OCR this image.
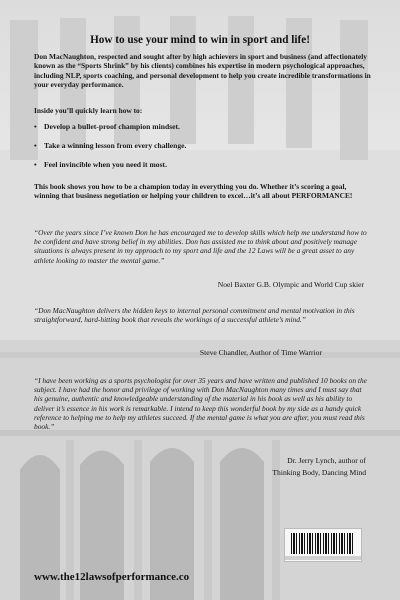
How to use your mind to win in sport and life!
Don MacNaughton, respected and sought after by high achievers in sport and business (and affectionately known as the “Sports Shrink” by his clients) combines his expertise in modern psychological approaches, including NLP, sports coaching, and personal development to help you create incredible transformations in your everyday performance.
Inside you’ll quickly learn how to:
• Develop a bullet-proof champion mindset.
• Take a winning lesson from every challenge.
• Feel invincible when you need it most.
This book shows you how to be a champion today in everything you do. Whether it’s scoring a goal, winning that business negotiation or helping your children to excel…it’s all about PERFORMANCE!
“Over the years since I’ve known Don he has encouraged me to develop skills which help me understand how to be confident and have strong belief in my abilities. Don has assisted me to think about and positively manage situations is always present in my approach to my sport and life and the 12 Laws will be a great asset to any athlete looking to master the mental game.”
Noel Baxter G.B. Olympic and World Cup skier
“Don MacNaughton delivers the hidden keys to internal personal commitment and mental motivation in this straightforward, hard-hitting book that reveals the workings of a successful athlete’s mind.”
Steve Chandler, Author of Time Warrior
“I have been working as a sports psychologist for over 35 years and have written and published 10 books on the subject. I have had the honor and privilege of working with Don MacNaughton many times and I must say that his genuine, authentic and knowledgeable understanding of the material in his book as well as his ability to deliver it’s essence in his work is remarkable. I intend to keep this wonderful book by my side as a handy quick reference to helping me to help my athletes succeed. If the mental game is what you are after, you must read this book.”
Dr. Jerry Lynch, author of
Thinking Body, Dancing Mind
www.the12lawsofperformance.co
